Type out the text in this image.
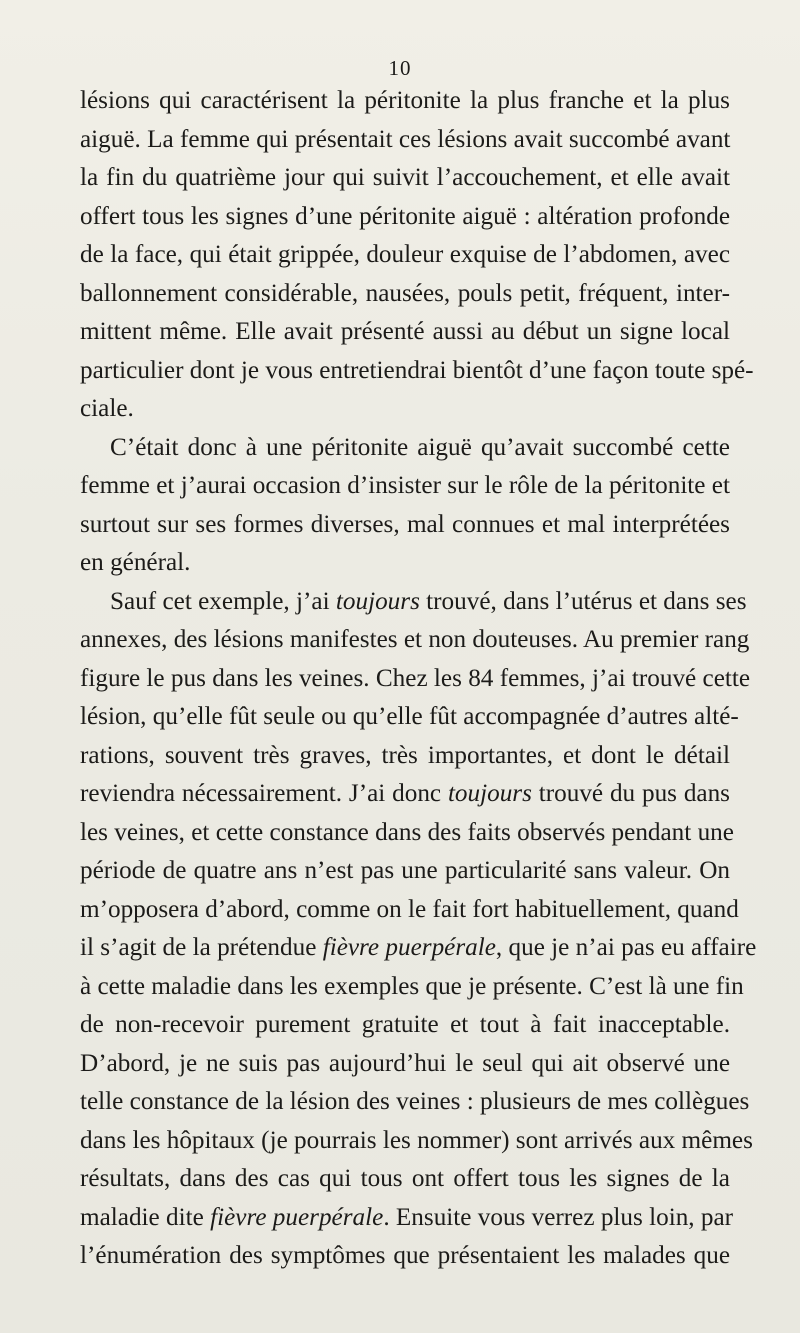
10
lésions qui caractérisent la péritonite la plus franche et la plus
aiguë. La femme qui présentait ces lésions avait succombé avant
la fin du quatrième jour qui suivit l’accouchement, et elle avait
offert tous les signes d’une péritonite aiguë : altération profonde
de la face, qui était grippée, douleur exquise de l’abdomen, avec
ballonnement considérable, nausées, pouls petit, fréquent, inter-
mittent même. Elle avait présenté aussi au début un signe local
particulier dont je vous entretiendrai bientôt d’une façon toute spé-
ciale.
C’était donc à une péritonite aiguë qu’avait succombé cette
femme et j’aurai occasion d’insister sur le rôle de la péritonite et
surtout sur ses formes diverses, mal connues et mal interprétées
en général.
Sauf cet exemple, j’ai toujours trouvé, dans l’utérus et dans ses
annexes, des lésions manifestes et non douteuses. Au premier rang
figure le pus dans les veines. Chez les 84 femmes, j’ai trouvé cette
lésion, qu’elle fût seule ou qu’elle fût accompagnée d’autres alté-
rations, souvent très graves, très importantes, et dont le détail
reviendra nécessairement. J’ai donc toujours trouvé du pus dans
les veines, et cette constance dans des faits observés pendant une
période de quatre ans n’est pas une particularité sans valeur. On
m’opposera d’abord, comme on le fait fort habituellement, quand
il s’agit de la prétendue fièvre puerpérale, que je n’ai pas eu affaire
à cette maladie dans les exemples que je présente. C’est là une fin
de non-recevoir purement gratuite et tout à fait inacceptable.
D’abord, je ne suis pas aujourd’hui le seul qui ait observé une
telle constance de la lésion des veines : plusieurs de mes collègues
dans les hôpitaux (je pourrais les nommer) sont arrivés aux mêmes
résultats, dans des cas qui tous ont offert tous les signes de la
maladie dite fièvre puerpérale. Ensuite vous verrez plus loin, par
l’énumération des symptômes que présentaient les malades que
